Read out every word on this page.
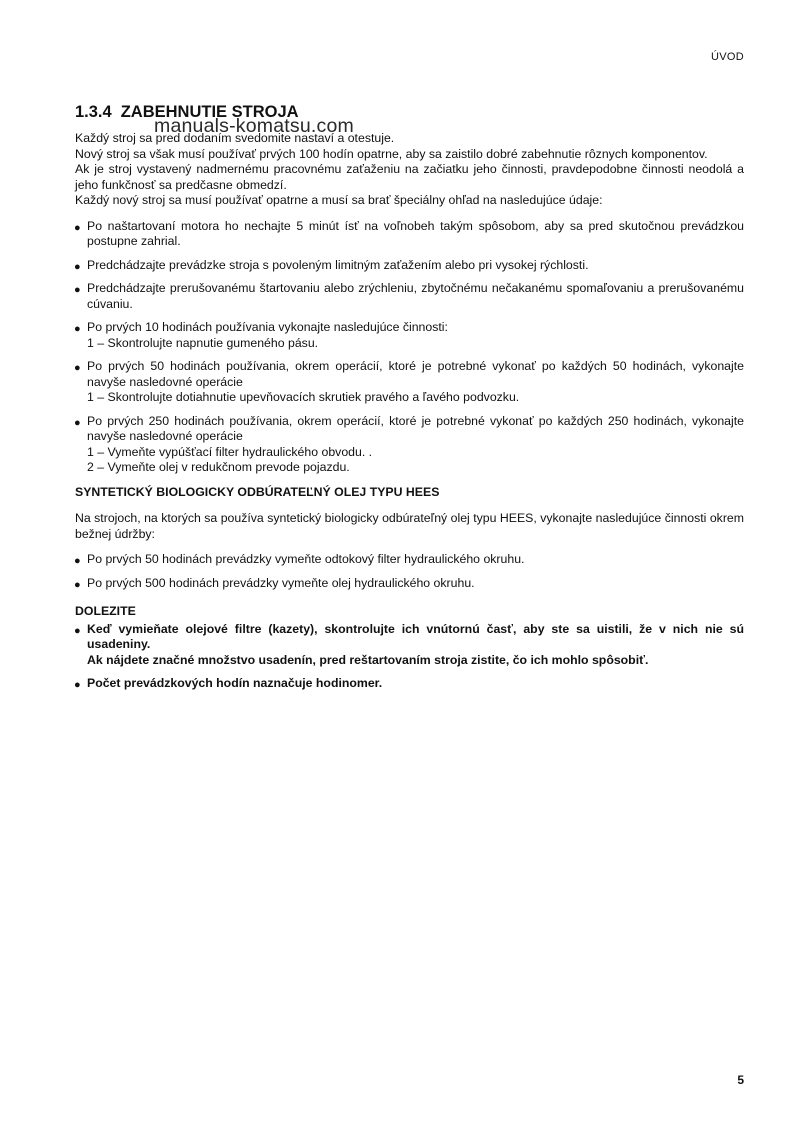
ÚVOD
1.3.4 ZABEHNUTIE STROJA

Každý stroj sa pred dodaním svedomite nastaví a otestuje.

Nový stroj sa však musí používať prvých 100 hodín opatrne, aby sa zaistilo dobré zabehnutie rôznych komponentov.

Ak je stroj vystavený nadmernému pracovnému zaťaženiu na začiatku jeho činnosti, pravdepodobne činnosti neodolá a jeho funkčnosť sa predčasne obmedzí.

Každý nový stroj sa musí používať opatrne a musí sa brať špeciálny ohľad na nasledujúce údaje:

● Po naštartovaní motora ho nechajte 5 minút ísť na voľnobeh takým spôsobom, aby sa pred skutočnou prevádzkou postupne zahrial.
● Predchádzajte prevádzke stroja s povoleným limitným zaťažením alebo pri vysokej rýchlosti.
● Predchádzajte prerušovanému štartovaniu alebo zrýchleniu, zbytočnému nečakanému spomaľovaniu a prerušovanému cúvaniu.
● Po prvých 10 hodinách používania vykonajte nasledujúce činnosti:
1 – Skontrolujte napnutie gumeného pásu.
● Po prvých 50 hodinách používania, okrem operácií, ktoré je potrebné vykonať po každých 50 hodinách, vykonajte navyše nasledovné operácie
1 – Skontrolujte dotiahnutie upevňovacích skrutiek pravého a ľavého podvozku.
● Po prvých 250 hodinách používania, okrem operácií, ktoré je potrebné vykonať po každých 250 hodinách, vykonajte navyše nasledovné operácie
1 – Vymeňte vypúšťací filter hydraulického obvodu. .
2 – Vymeňte olej v redukčnom prevode pojazdu.
SYNTETICKÝ BIOLOGICKY ODBÚRATEĽNÝ OLEJ TYPU HEES

Na strojoch, na ktorých sa používa syntetický biologicky odbúrateľný olej typu HEES, vykonajte nasledujúce činnosti okrem bežnej údržby:

● Po prvých 50 hodinách prevádzky vymeňte odtokový filter hydraulického okruhu.
● Po prvých 500 hodinách prevádzky vymeňte olej hydraulického okruhu.
DOLEZITE
● Keď vymieňate olejové filtre (kazety), skontrolujte ich vnútornú časť, aby ste sa uistili, že v nich nie sú usadeniny.
Ak nájdete značné množstvo usadenín, pred reštartovaním stroja zistite, čo ich mohlo spôsobiť.
● Počet prevádzkových hodín naznačuje hodinomer.
manuals-komatsu.com
5
